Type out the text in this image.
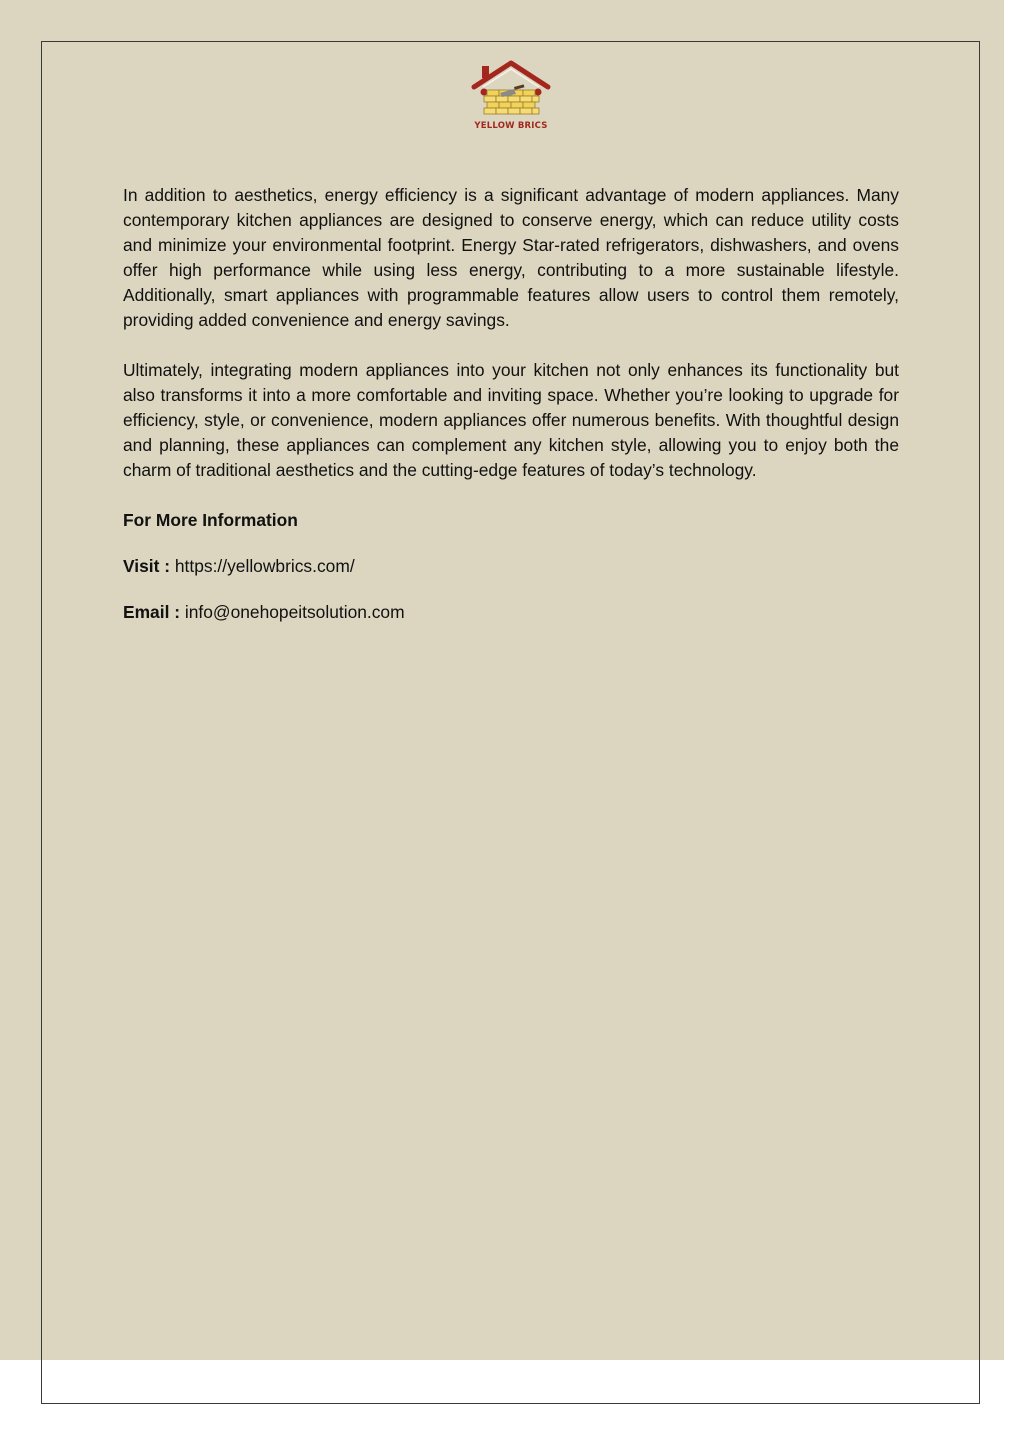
YELLOW BRICS

In addition to aesthetics, energy efficiency is a significant advantage of modern appliances. Many contemporary kitchen appliances are designed to conserve energy, which can reduce utility costs and minimize your environmental footprint. Energy Star-rated refrigerators, dishwashers, and ovens offer high performance while using less energy, contributing to a more sustainable lifestyle. Additionally, smart appliances with programmable features allow users to control them remotely, providing added convenience and energy savings.

Ultimately, integrating modern appliances into your kitchen not only enhances its functionality but also transforms it into a more comfortable and inviting space. Whether you’re looking to upgrade for efficiency, style, or convenience, modern appliances offer numerous benefits. With thoughtful design and planning, these appliances can complement any kitchen style, allowing you to enjoy both the charm of traditional aesthetics and the cutting-edge features of today’s technology.

For More Information

Visit : https://yellowbrics.com/

Email : info@onehopeitsolution.com
